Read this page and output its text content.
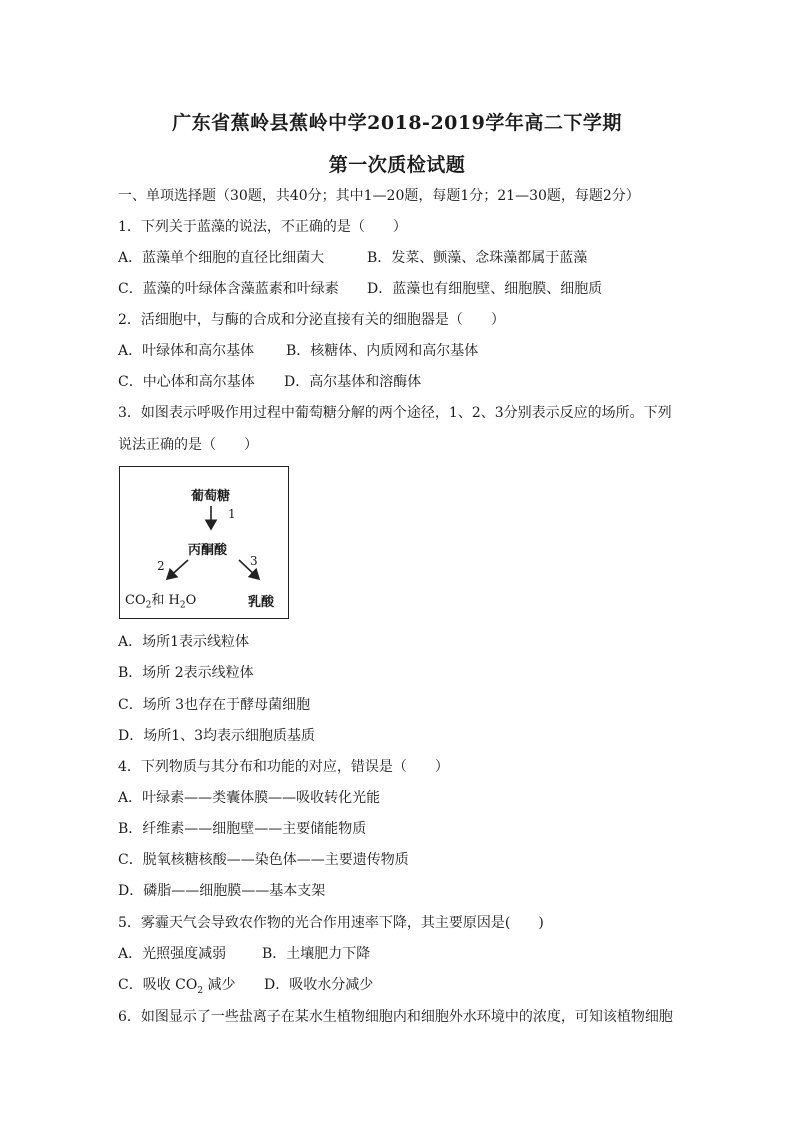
广东省蕉岭县蕉岭中学2018-2019学年高二下学期
第一次质检试题
一、单项选择题（30题，共40分；其中1—20题，每题1分；21—30题，每题2分）
1．下列关于蓝藻的说法，不正确的是（　　）
A．蓝藻单个细胞的直径比细菌大	B．发菜、颤藻、念珠藻都属于蓝藻
C．蓝藻的叶绿体含藻蓝素和叶绿素 D．蓝藻也有细胞壁、细胞膜、细胞质
2．活细胞中，与酶的合成和分泌直接有关的细胞器是（　　）
A．叶绿体和高尔基体 B．核糖体、内质网和高尔基体
C．中心体和高尔基体 D．高尔基体和溶酶体
3．如图表示呼吸作用过程中葡萄糖分解的两个途径，1、2、3分别表示反应的场所。下列
说法正确的是（　　）
葡萄糖
1
丙酮酸
2	3
$CO_2$和 $H_2O$	乳酸
A．场所1表示线粒体
B．场所 2表示线粒体
C．场所 3也存在于酵母菌细胞
D．场所1、3均表示细胞质基质
4．下列物质与其分布和功能的对应，错误是（　　）
A．叶绿素——类囊体膜——吸收转化光能
B．纤维素——细胞壁——主要储能物质
C．脱氧核糖核酸——染色体——主要遗传物质
D．磷脂——细胞膜——基本支架
5．雾霾天气会导致农作物的光合作用速率下降，其主要原因是(　　)
A．光照强度减弱	B．土壤肥力下降
C．吸收 $CO_2$ 减少 D．吸收水分减少
6．如图显示了一些盐离子在某水生植物细胞内和细胞外水环境中的浓度，可知该植物细胞
